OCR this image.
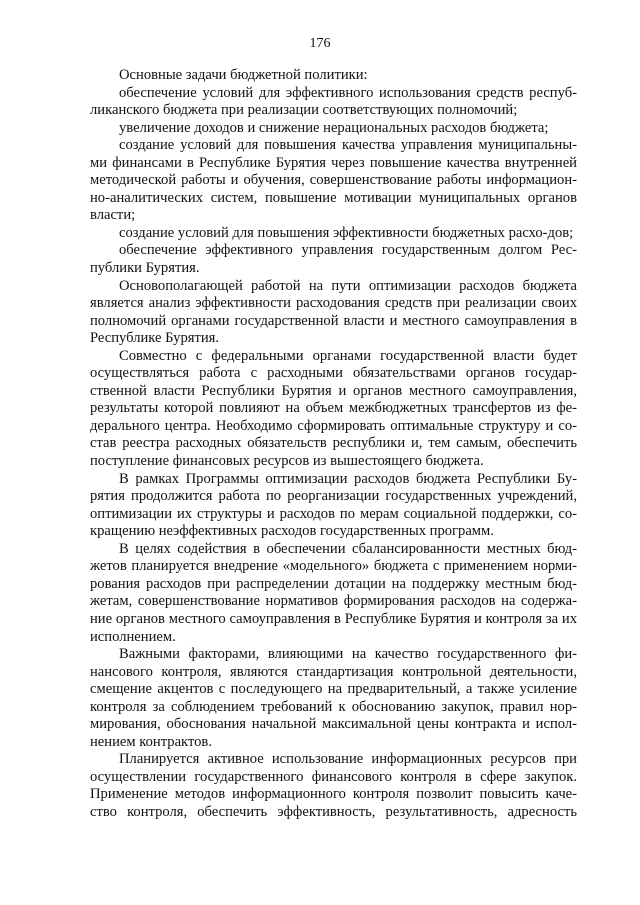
176

Основные задачи бюджетной политики:

обеспечение условий для эффективного использования средств респуб-ликанского бюджета при реализации соответствующих полномочий;

увеличение доходов и снижение нерациональных расходов бюджета;

создание условий для повышения качества управления муниципальны-ми финансами в Республике Бурятия через повышение качества внутренней методической работы и обучения, совершенствование работы информацион-но-аналитических систем, повышение мотивации муниципальных органов власти;

создание условий для повышения эффективности бюджетных расхо-дов;

обеспечение эффективного управления государственным долгом Рес-публики Бурятия.

Основополагающей работой на пути оптимизации расходов бюджета является анализ эффективности расходования средств при реализации своих полномочий органами государственной власти и местного самоуправления в Республике Бурятия.

Совместно с федеральными органами государственной власти будет осуществляться работа с расходными обязательствами органов государ-ственной власти Республики Бурятия и органов местного самоуправления, результаты которой повлияют на объем межбюджетных трансфертов из фе-дерального центра. Необходимо сформировать оптимальные структуру и со-став реестра расходных обязательств республики и, тем самым, обеспечить поступление финансовых ресурсов из вышестоящего бюджета.

В рамках Программы оптимизации расходов бюджета Республики Бу-рятия продолжится работа по реорганизации государственных учреждений, оптимизации их структуры и расходов по мерам социальной поддержки, со-кращению неэффективных расходов государственных программ.

В целях содействия в обеспечении сбалансированности местных бюд-жетов планируется внедрение «модельного» бюджета с применением норми-рования расходов при распределении дотации на поддержку местным бюд-жетам, совершенствование нормативов формирования расходов на содержа-ние органов местного самоуправления в Республике Бурятия и контроля за их исполнением.

Важными факторами, влияющими на качество государственного фи-нансового контроля, являются стандартизация контрольной деятельности, смещение акцентов с последующего на предварительный, а также усиление контроля за соблюдением требований к обоснованию закупок, правил нор-мирования, обоснования начальной максимальной цены контракта и испол-нением контрактов.

Планируется активное использование информационных ресурсов при осуществлении государственного финансового контроля в сфере закупок. Применение методов информационного контроля позволит повысить каче-ство контроля, обеспечить эффективность, результативность, адресность
